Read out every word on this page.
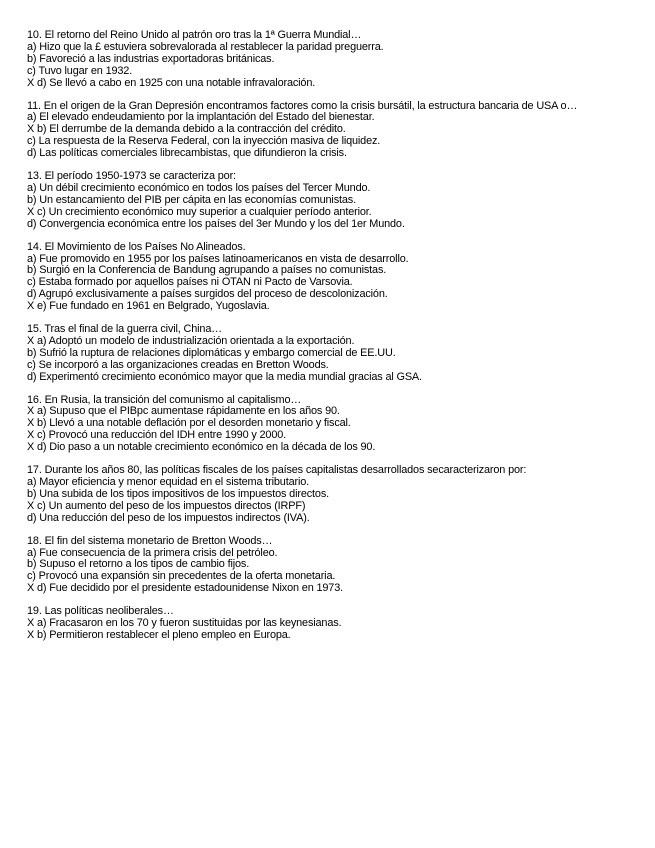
10. El retorno del Reino Unido al patrón oro tras la 1ª Guerra Mundial…
a) Hizo que la £ estuviera sobrevalorada al restablecer la paridad preguerra.
b) Favoreció a las industrias exportadoras británicas.
c) Tuvo lugar en 1932.
X d) Se llevó a cabo en 1925 con una notable infravaloración.
11. En el origen de la Gran Depresión encontramos factores como la crisis bursátil, la estructura bancaria de USA o…
a) El elevado endeudamiento por la implantación del Estado del bienestar.
X b) El derrumbe de la demanda debido a la contracción del crédito.
c) La respuesta de la Reserva Federal, con la inyección masiva de liquidez.
d) Las políticas comerciales librecambistas, que difundieron la crisis.
13. El período 1950-1973 se caracteriza por:
a) Un débil crecimiento económico en todos los países del Tercer Mundo.
b) Un estancamiento del PIB per cápita en las economías comunistas.
X c) Un crecimiento económico muy superior a cualquier período anterior.
d) Convergencia económica entre los países del 3er Mundo y los del 1er Mundo.
14. El Movimiento de los Países No Alineados.
a) Fue promovido en 1955 por los países latinoamericanos en vista de desarrollo.
b) Surgió en la Conferencia de Bandung agrupando a países no comunistas.
c) Estaba formado por aquellos países ni OTAN ni Pacto de Varsovia.
d) Agrupó exclusivamente a países surgidos del proceso de descolonización.
X e) Fue fundado en 1961 en Belgrado, Yugoslavia.
15. Tras el final de la guerra civil, China…
X a) Adoptó un modelo de industrialización orientada a la exportación.
b) Sufrió la ruptura de relaciones diplomáticas y embargo comercial de EE.UU.
c) Se incorporó a las organizaciones creadas en Bretton Woods.
d) Experimentó crecimiento económico mayor que la media mundial gracias al GSA.
16. En Rusia, la transición del comunismo al capitalismo…
X a) Supuso que el PIBpc aumentase rápidamente en los años 90.
X b) Llevó a una notable deflación por el desorden monetario y fiscal.
X c) Provocó una reducción del IDH entre 1990 y 2000.
X d) Dio paso a un notable crecimiento económico en la década de los 90.
17. Durante los años 80, las políticas fiscales de los países capitalistas desarrollados secaracterizaron por:
a) Mayor eficiencia y menor equidad en el sistema tributario.
b) Una subida de los tipos impositivos de los impuestos directos.
X c) Un aumento del peso de los impuestos directos (IRPF)
d) Una reducción del peso de los impuestos indirectos (IVA).
18. El fin del sistema monetario de Bretton Woods…
a) Fue consecuencia de la primera crisis del petróleo.
b) Supuso el retorno a los tipos de cambio fijos.
c) Provocó una expansión sin precedentes de la oferta monetaria.
X d) Fue decidido por el presidente estadounidense Nixon en 1973.
19. Las políticas neoliberales…
X a) Fracasaron en los 70 y fueron sustituidas por las keynesianas.
X b) Permitieron restablecer el pleno empleo en Europa.
